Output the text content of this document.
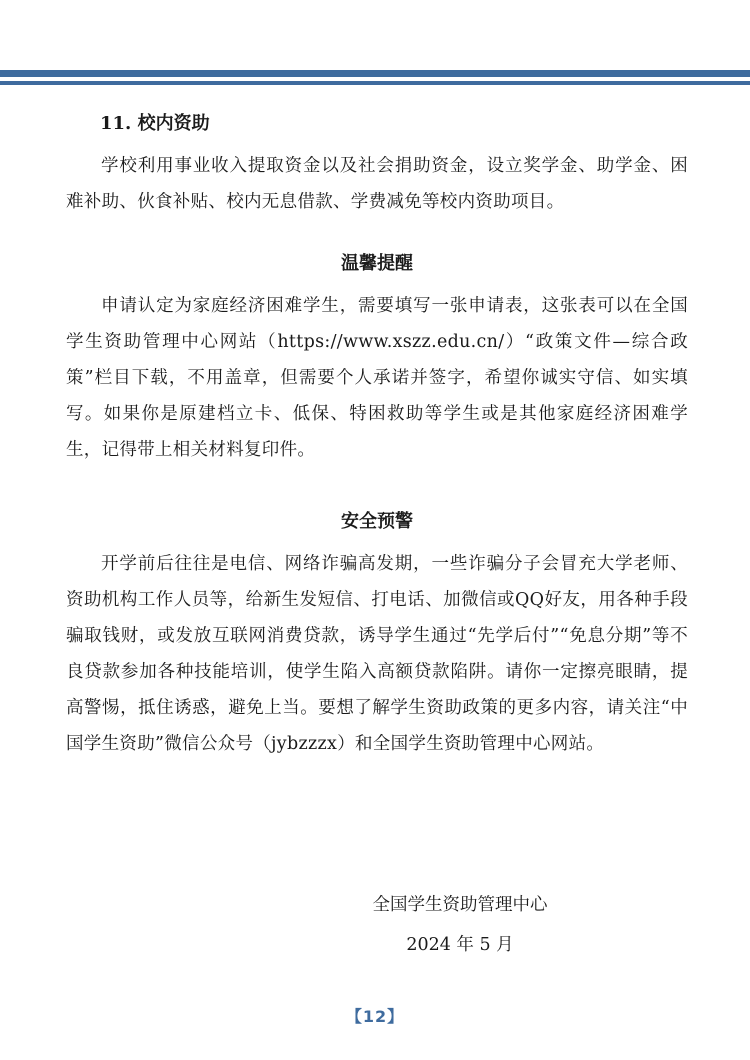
11. 校内资助

学校利用事业收入提取资金以及社会捐助资金，设立奖学金、助学金、困难补助、伙食补贴、校内无息借款、学费减免等校内资助项目。

温馨提醒

申请认定为家庭经济困难学生，需要填写一张申请表，这张表可以在全国学生资助管理中心网站（https://www.xszz.edu.cn/）“政策文件—综合政策”栏目下载，不用盖章，但需要个人承诺并签字，希望你诚实守信、如实填写。如果你是原建档立卡、低保、特困救助等学生或是其他家庭经济困难学生，记得带上相关材料复印件。

安全预警

开学前后往往是电信、网络诈骗高发期，一些诈骗分子会冒充大学老师、资助机构工作人员等，给新生发短信、打电话、加微信或QQ好友，用各种手段骗取钱财，或发放互联网消费贷款，诱导学生通过“先学后付”“免息分期”等不良贷款参加各种技能培训，使学生陷入高额贷款陷阱。请你一定擦亮眼睛，提高警惕，抵住诱惑，避免上当。要想了解学生资助政策的更多内容，请关注“中国学生资助”微信公众号（jybzzzx）和全国学生资助管理中心网站。

全国学生资助管理中心
2024 年 5 月
【12】
